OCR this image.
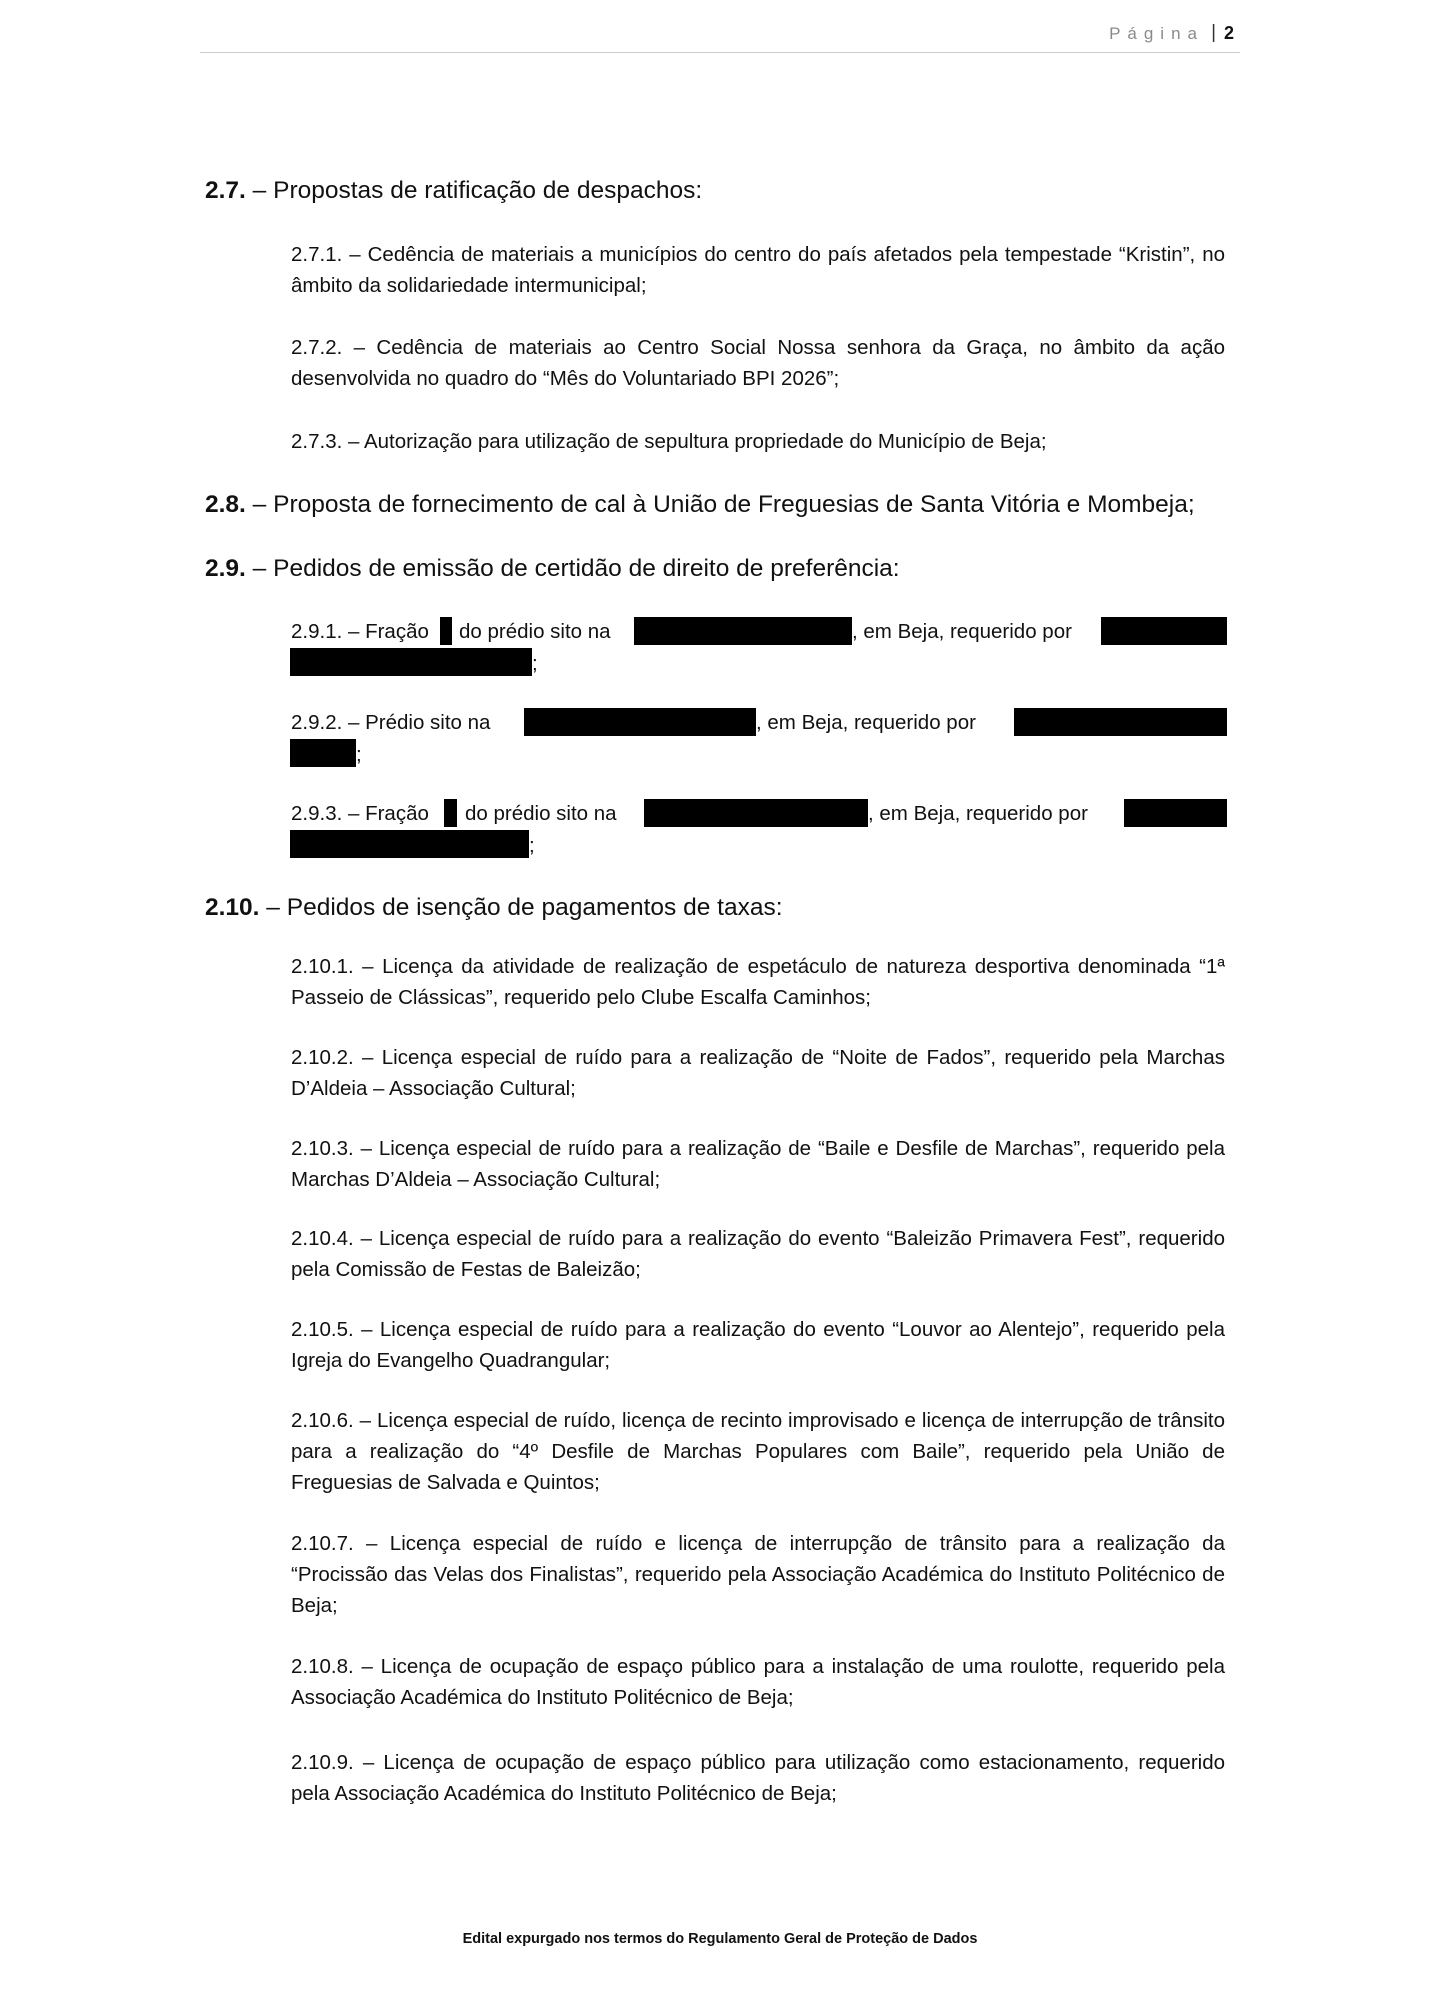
Página | 2
2.7. – Propostas de ratificação de despachos:
2.7.1. – Cedência de materiais a municípios do centro do país afetados pela tempestade “Kristin”, no âmbito da solidariedade intermunicipal;
2.7.2. – Cedência de materiais ao Centro Social Nossa senhora da Graça, no âmbito da ação desenvolvida no quadro do “Mês do Voluntariado BPI 2026”;
2.7.3. – Autorização para utilização de sepultura propriedade do Município de Beja;
2.8. – Proposta de fornecimento de cal à União de Freguesias de Santa Vitória e Mombeja;
2.9. – Pedidos de emissão de certidão de direito de preferência:
2.9.1. – Fração do prédio sito na	, em Beja, requerido por
;
2.9.2. – Prédio sito na	, em Beja, requerido por
;
2.9.3. – Fração do prédio sito na	, em Beja, requerido por
;
2.10. – Pedidos de isenção de pagamentos de taxas:
2.10.1. – Licença da atividade de realização de espetáculo de natureza desportiva denominada “1ª Passeio de Clássicas”, requerido pelo Clube Escalfa Caminhos;
2.10.2. – Licença especial de ruído para a realização de “Noite de Fados”, requerido pela Marchas D’Aldeia – Associação Cultural;
2.10.3. – Licença especial de ruído para a realização de “Baile e Desfile de Marchas”, requerido pela Marchas D’Aldeia – Associação Cultural;
2.10.4. – Licença especial de ruído para a realização do evento “Baleizão Primavera Fest”, requerido pela Comissão de Festas de Baleizão;
2.10.5. – Licença especial de ruído para a realização do evento “Louvor ao Alentejo”, requerido pela Igreja do Evangelho Quadrangular;
2.10.6. – Licença especial de ruído, licença de recinto improvisado e licença de interrupção de trânsito para a realização do “4º Desfile de Marchas Populares com Baile”, requerido pela União de Freguesias de Salvada e Quintos;
2.10.7. – Licença especial de ruído e licença de interrupção de trânsito para a realização da “Procissão das Velas dos Finalistas”, requerido pela Associação Académica do Instituto Politécnico de Beja;
2.10.8. – Licença de ocupação de espaço público para a instalação de uma roulotte, requerido pela Associação Académica do Instituto Politécnico de Beja;
2.10.9. – Licença de ocupação de espaço público para utilização como estacionamento, requerido pela Associação Académica do Instituto Politécnico de Beja;
Edital expurgado nos termos do Regulamento Geral de Proteção de Dados
